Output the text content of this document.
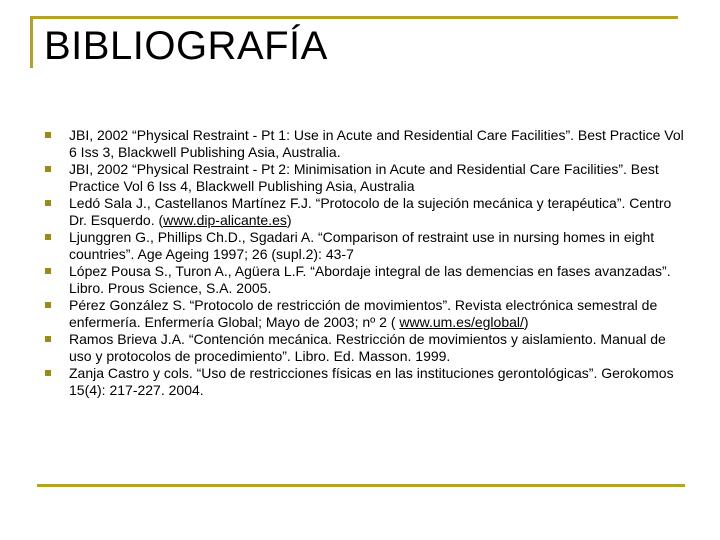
BIBLIOGRAFÍA
JBI, 2002 “Physical Restraint - Pt 1: Use in Acute and Residential Care Facilities”. Best Practice Vol 6 Iss 3, Blackwell Publishing Asia, Australia.
JBI, 2002 “Physical Restraint - Pt 2: Minimisation in Acute and Residential Care Facilities”. Best Practice Vol 6 Iss 4, Blackwell Publishing Asia, Australia
Ledó Sala J., Castellanos Martínez F.J. “Protocolo de la sujeción mecánica y terapéutica”. Centro Dr. Esquerdo. (www.dip-alicante.es)
Ljunggren G., Phillips Ch.D., Sgadari A. “Comparison of restraint use in nursing homes in eight countries”. Age Ageing 1997; 26 (supl.2): 43-7
López Pousa S., Turon A., Agüera L.F. “Abordaje integral de las demencias en fases avanzadas”. Libro. Prous Science, S.A. 2005.
Pérez González S. “Protocolo de restricción de movimientos”. Revista electrónica semestral de enfermería. Enfermería Global; Mayo de 2003; nº 2 ( www.um.es/eglobal/)
Ramos Brieva J.A. “Contención mecánica. Restricción de movimientos y aislamiento. Manual de uso y protocolos de procedimiento”. Libro. Ed. Masson. 1999.
Zanja Castro y cols. “Uso de restricciones físicas en las instituciones gerontológicas”. Gerokomos 15(4): 217-227. 2004.
